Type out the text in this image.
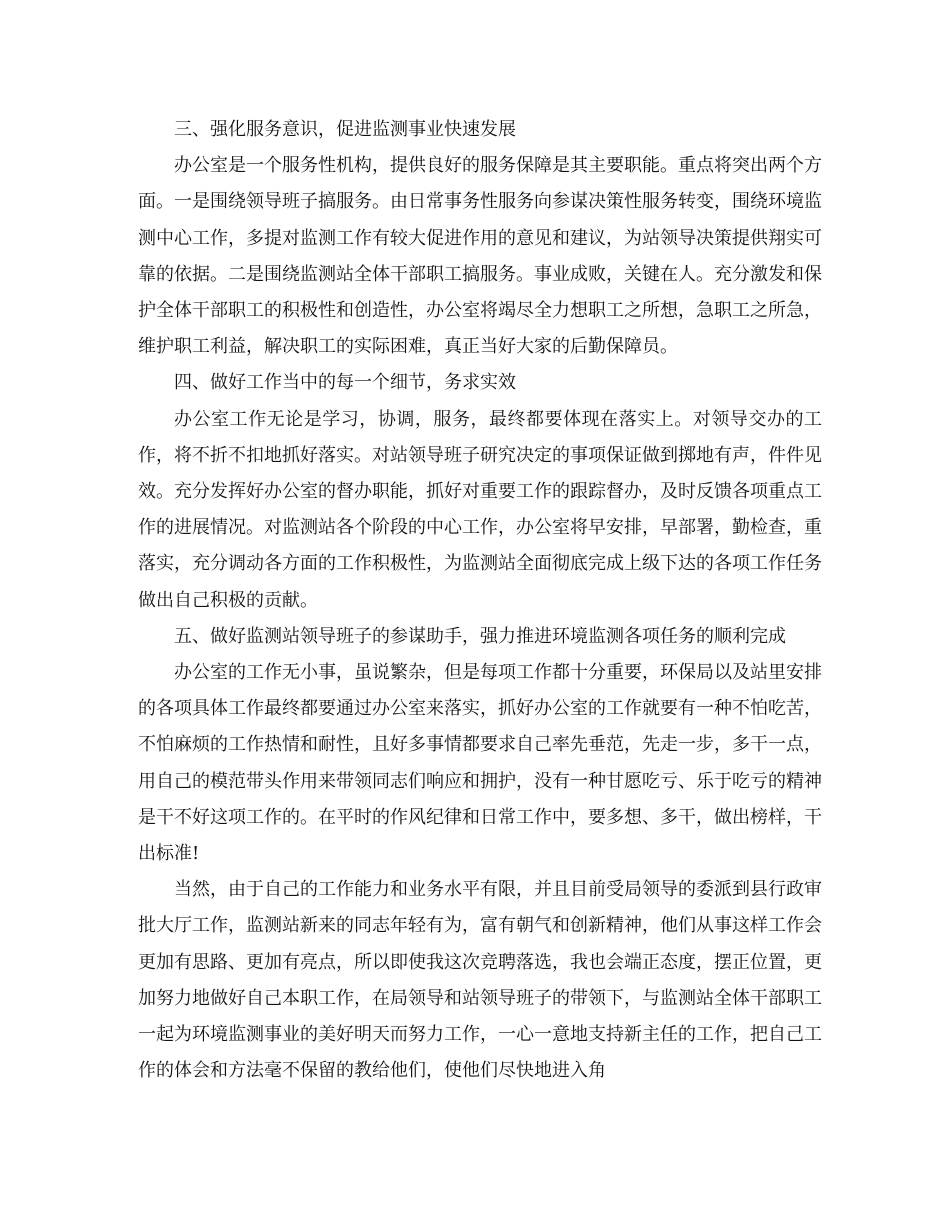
三、强化服务意识，促进监测事业快速发展

办公室是一个服务性机构，提供良好的服务保障是其主要职能。重点将突出两个方面。一是围绕领导班子搞服务。由日常事务性服务向参谋决策性服务转变，围绕环境监测中心工作，多提对监测工作有较大促进作用的意见和建议，为站领导决策提供翔实可靠的依据。二是围绕监测站全体干部职工搞服务。事业成败，关键在人。充分激发和保护全体干部职工的积极性和创造性，办公室将竭尽全力想职工之所想，急职工之所急，维护职工利益，解决职工的实际困难，真正当好大家的后勤保障员。

四、做好工作当中的每一个细节，务求实效

办公室工作无论是学习，协调，服务，最终都要体现在落实上。对领导交办的工作，将不折不扣地抓好落实。对站领导班子研究决定的事项保证做到掷地有声，件件见效。充分发挥好办公室的督办职能，抓好对重要工作的跟踪督办，及时反馈各项重点工作的进展情况。对监测站各个阶段的中心工作，办公室将早安排，早部署，勤检查，重落实，充分调动各方面的工作积极性，为监测站全面彻底完成上级下达的各项工作任务做出自己积极的贡献。

五、做好监测站领导班子的参谋助手，强力推进环境监测各项任务的顺利完成

办公室的工作无小事，虽说繁杂，但是每项工作都十分重要，环保局以及站里安排的各项具体工作最终都要通过办公室来落实，抓好办公室的工作就要有一种不怕吃苦，不怕麻烦的工作热情和耐性，且好多事情都要求自己率先垂范，先走一步，多干一点，用自己的模范带头作用来带领同志们响应和拥护，没有一种甘愿吃亏、乐于吃亏的精神是干不好这项工作的。在平时的作风纪律和日常工作中，要多想、多干，做出榜样，干出标准!

当然，由于自己的工作能力和业务水平有限，并且目前受局领导的委派到县行政审批大厅工作，监测站新来的同志年轻有为，富有朝气和创新精神，他们从事这样工作会更加有思路、更加有亮点，所以即使我这次竞聘落选，我也会端正态度，摆正位置，更加努力地做好自己本职工作，在局领导和站领导班子的带领下，与监测站全体干部职工一起为环境监测事业的美好明天而努力工作，一心一意地支持新主任的工作，把自己工作的体会和方法毫不保留的教给他们，使他们尽快地进入角
